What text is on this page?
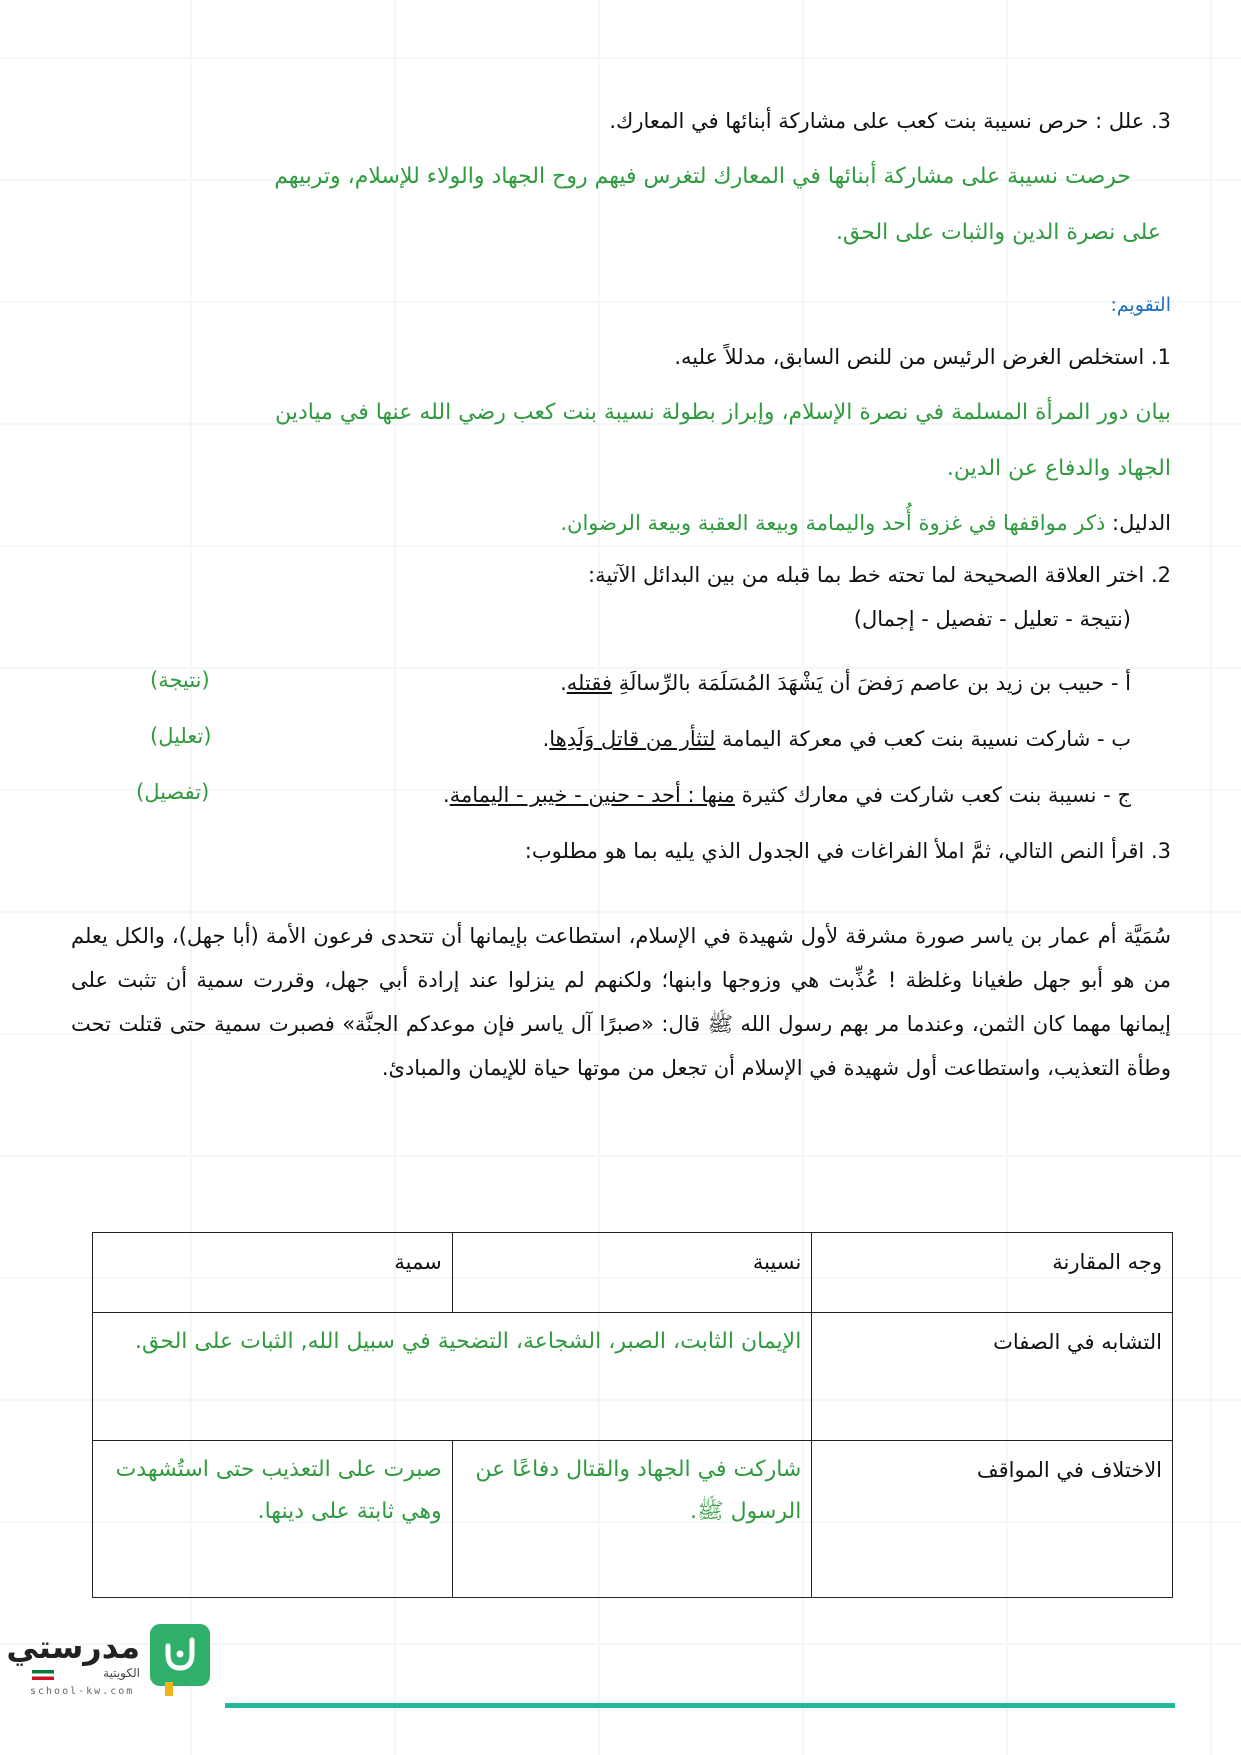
3. علل : حرص نسيبة بنت كعب على مشاركة أبنائها في المعارك.
حرصت نسيبة على مشاركة أبنائها في المعارك لتغرس فيهم روح الجهاد والولاء للإسلام، وتربيهم
على نصرة الدين والثبات على الحق.
التقويم:
1. استخلص الغرض الرئيس من للنص السابق، مدللاً عليه.
بيان دور المرأة المسلمة في نصرة الإسلام، وإبراز بطولة نسيبة بنت كعب رضي الله عنها في ميادين
الجهاد والدفاع عن الدين.
الدليل: ذكر مواقفها في غزوة أُحد واليمامة وبيعة العقبة وبيعة الرضوان.
2. اختر العلاقة الصحيحة لما تحته خط بما قبله من بين البدائل الآتية:
(نتيجة - تعليل - تفصيل - إجمال)
أ - حبيب بن زيد بن عاصم رَفضَ أن يَشْهَدَ المُسَلَمَة بالرِّسالَةِ فقتله.
(نتيجة)
ب - شاركت نسيبة بنت كعب في معركة اليمامة لتثأر من قاتل وَلَدِها.
(تعليل)
ج - نسيبة بنت كعب شاركت في معارك كثيرة منها : أحد - حنين - خيبر - اليمامة.
(تفصيل)
3. اقرأ النص التالي، ثمَّ املأ الفراغات في الجدول الذي يليه بما هو مطلوب:
سُمَيَّة أم عمار بن ياسر صورة مشرقة لأول شهيدة في الإسلام، استطاعت بإيمانها أن تتحدى فرعون الأمة (أبا جهل)، والكل يعلم من هو أبو جهل طغيانا وغلظة ! عُذِّبت هي وزوجها وابنها؛ ولكنهم لم ينزلوا عند إرادة أبي جهل، وقررت سمية أن تثبت على إيمانها مهما كان الثمن، وعندما مر بهم رسول الله ﷺ قال: «صبرًا آل ياسر فإن موعدكم الجنَّة» فصبرت سمية حتى قتلت تحت وطأة التعذيب، واستطاعت أول شهيدة في الإسلام أن تجعل من موتها حياة للإيمان والمبادئ.
وجه المقارنة	نسيبة	سمية
التشابه في الصفات	الإيمان الثابت، الصبر، الشجاعة، التضحية في سبيل الله, الثبات على الحق.	
الاختلاف في المواقف	شاركت في الجهاد والقتال دفاعًا عن الرسول ﷺ.	صبرت على التعذيب حتى استُشهدت وهي ثابتة على دينها.
مدرستي
الكويتية
school-kw.com
